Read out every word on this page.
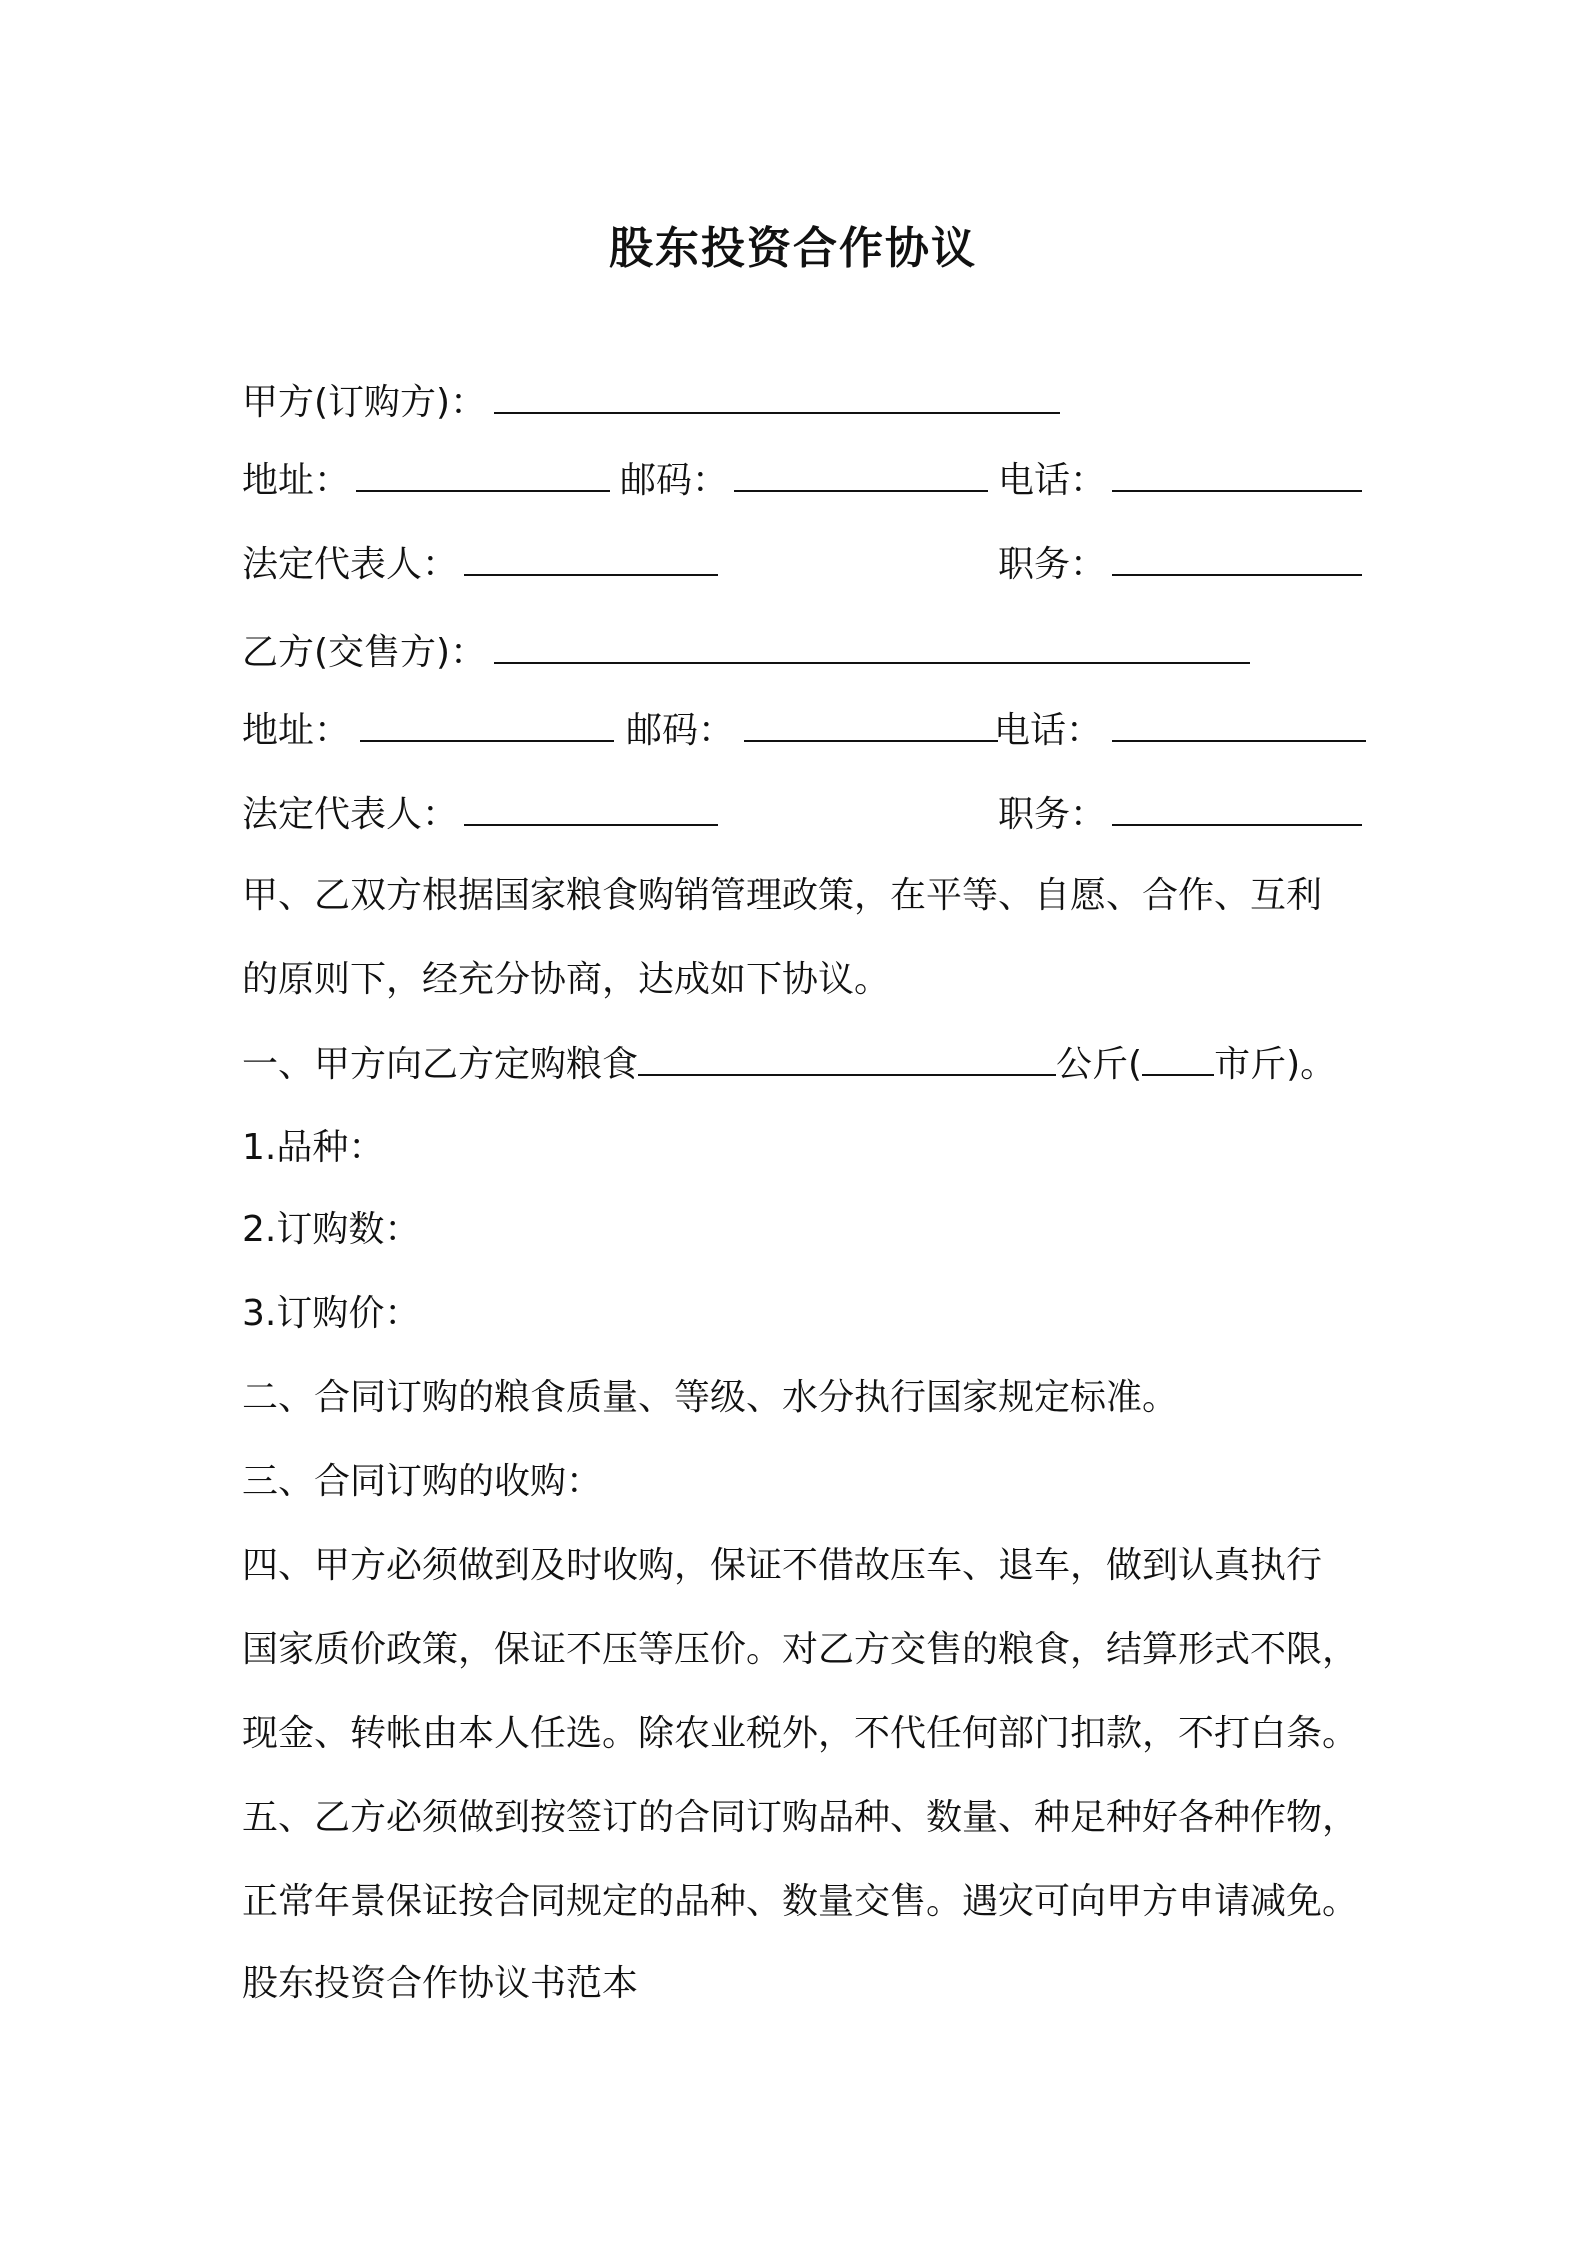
股东投资合作协议
甲方(订购方)：
地址：	邮码：	电话：
法定代表人：	职务：
乙方(交售方)：
地址：	邮码：	电话：
法定代表人：	职务：
甲、乙双方根据国家粮食购销管理政策，在平等、自愿、合作、互利
的原则下，经充分协商，达成如下协议。
一、甲方向乙方定购粮食	公斤( 市斤)。
1.品种：
2.订购数：
3.订购价：
二、合同订购的粮食质量、等级、水分执行国家规定标准。
三、合同订购的收购：
四、甲方必须做到及时收购，保证不借故压车、退车，做到认真执行
国家质价政策，保证不压等压价。对乙方交售的粮食，结算形式不限，
现金、转帐由本人任选。除农业税外，不代任何部门扣款，不打白条。
五、乙方必须做到按签订的合同订购品种、数量、种足种好各种作物，
正常年景保证按合同规定的品种、数量交售。遇灾可向甲方申请减免。
股东投资合作协议书范本
